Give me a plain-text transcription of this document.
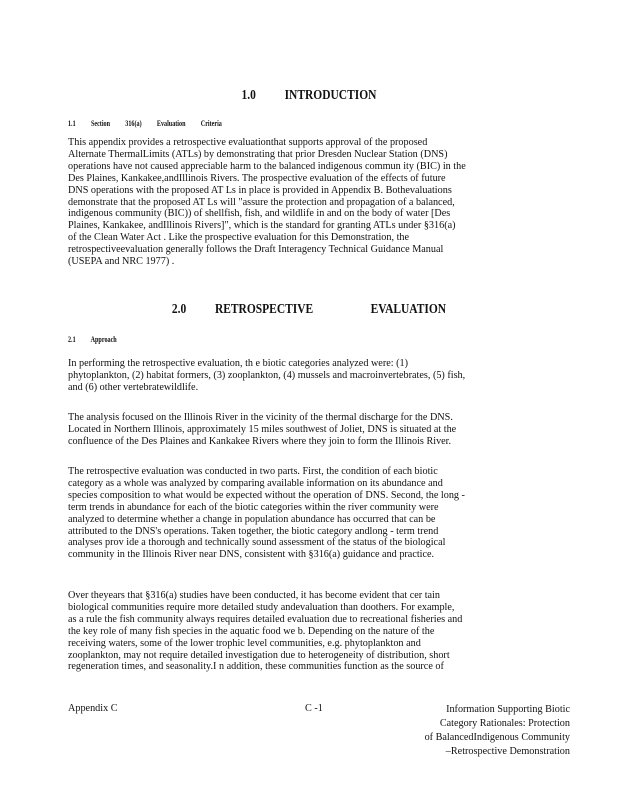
1.0          INTRODUCTION
1.1          Section          316(a)          Evaluation          Criteria
This appendix provides a retrospective evaluationthat supports approval of the proposed
Alternate ThermalLimits (ATLs) by demonstrating that prior Dresden Nuclear Station (DNS)
operations have not caused appreciable harm to the balanced indigenous commun ity (BIC) in the
Des Plaines, Kankakee,andIllinois Rivers. The prospective evaluation of the effects of future
DNS operations with the proposed AT Ls in place is provided in Appendix B. Bothevaluations
demonstrate that the proposed AT Ls will "assure the protection and propagation of a balanced,
indigenous community (BIC)) of shellfish, fish, and wildlife in and on the body of water [Des
Plaines, Kankakee, andIllinois Rivers]", which is the standard for granting ATLs under §316(a)
of the Clean Water Act . Like the prospective evaluation for this Demonstration, the
retrospectiveevaluation generally follows the Draft Interagency Technical Guidance Manual
(USEPA and NRC 1977) .
2.0          RETROSPECTIVE                    EVALUATION
2.1          Approach
In performing the retrospective evaluation, th e biotic categories analyzed were: (1)
phytoplankton, (2) habitat formers, (3) zooplankton, (4) mussels and macroinvertebrates, (5) fish,
and (6) other vertebratewildlife.
The analysis focused on the Illinois River in the vicinity of the thermal discharge for the DNS.
Located in Northern Illinois, approximately 15 miles southwest of Joliet, DNS is situated at the
confluence of the Des Plaines and Kankakee Rivers where they join to form the Illinois River.
The retrospective evaluation was conducted in two parts. First, the condition of each biotic
category as a whole was analyzed by comparing available information on its abundance and
species composition to what would be expected without the operation of DNS. Second, the long -
term trends in abundance for each of the biotic categories within the river community were
analyzed to determine whether a change in population abundance has occurred that can be
attributed to the DNS's operations. Taken together, the biotic category andlong - term trend
analyses prov ide a thorough and technically sound assessment of the status of the biological
community in the Illinois River near DNS, consistent with §316(a) guidance and practice.
Over theyears that §316(a) studies have been conducted, it has become evident that cer tain
biological communities require more detailed study andevaluation than doothers. For example,
as a rule the fish community always requires detailed evaluation due to recreational fisheries and
the key role of many fish species in the aquatic food we b. Depending on the nature of the
receiving waters, some of the lower trophic level communities, e.g. phytoplankton and
zooplankton, may not require detailed investigation due to heterogeneity of distribution, short
regeneration times, and seasonality.I n addition, these communities function as the source of
Appendix C	C -1	Information Supporting Biotic
Category Rationales: Protection
of BalancedIndigenous Community
–Retrospective Demonstration
